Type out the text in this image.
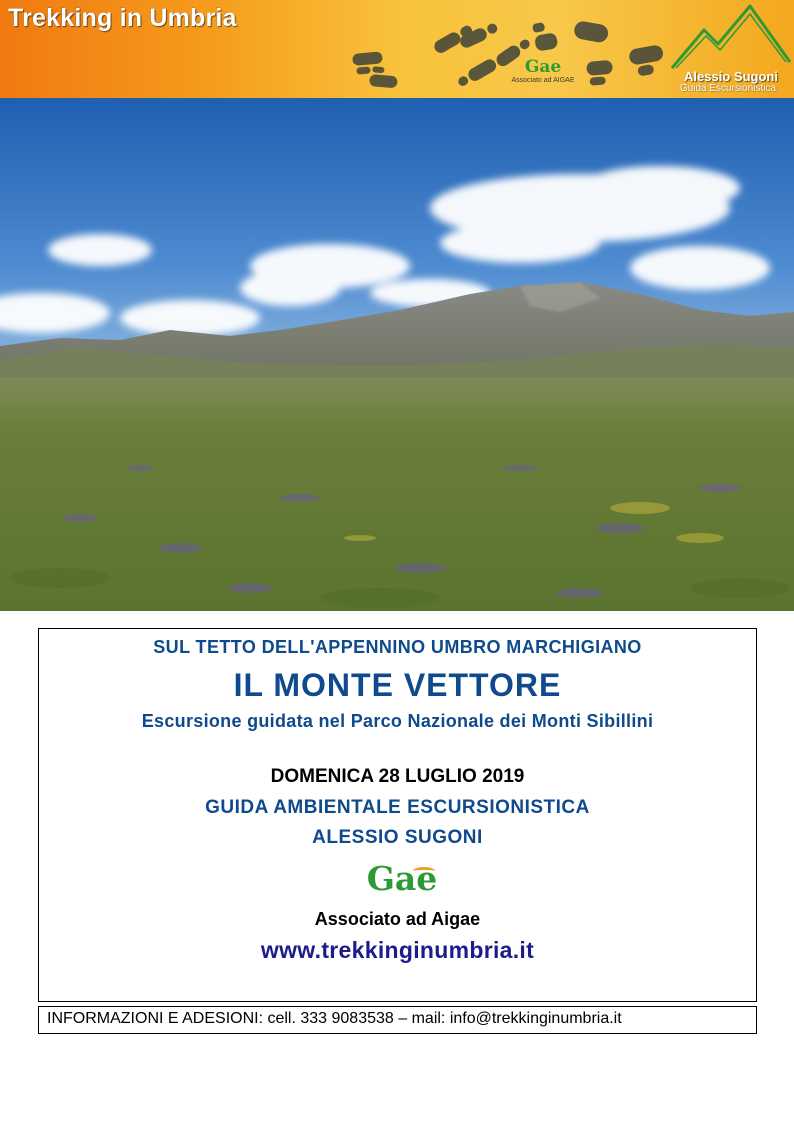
Trekking in Umbria
Gae
Associato ad AIGAE	Alessio Sugoni
Guida Escursionistica
SUL TETTO DELL'APPENNINO UMBRO MARCHIGIANO
IL MONTE VETTORE
Escursione guidata nel Parco Nazionale dei Monti Sibillini
DOMENICA 28 LUGLIO 2019
GUIDA AMBIENTALE ESCURSIONISTICA
ALESSIO SUGONI
Gae
Associato ad Aigae
www.trekkinginumbria.it
INFORMAZIONI E ADESIONI: cell. 333 9083538 – mail: info@trekkinginumbria.it
